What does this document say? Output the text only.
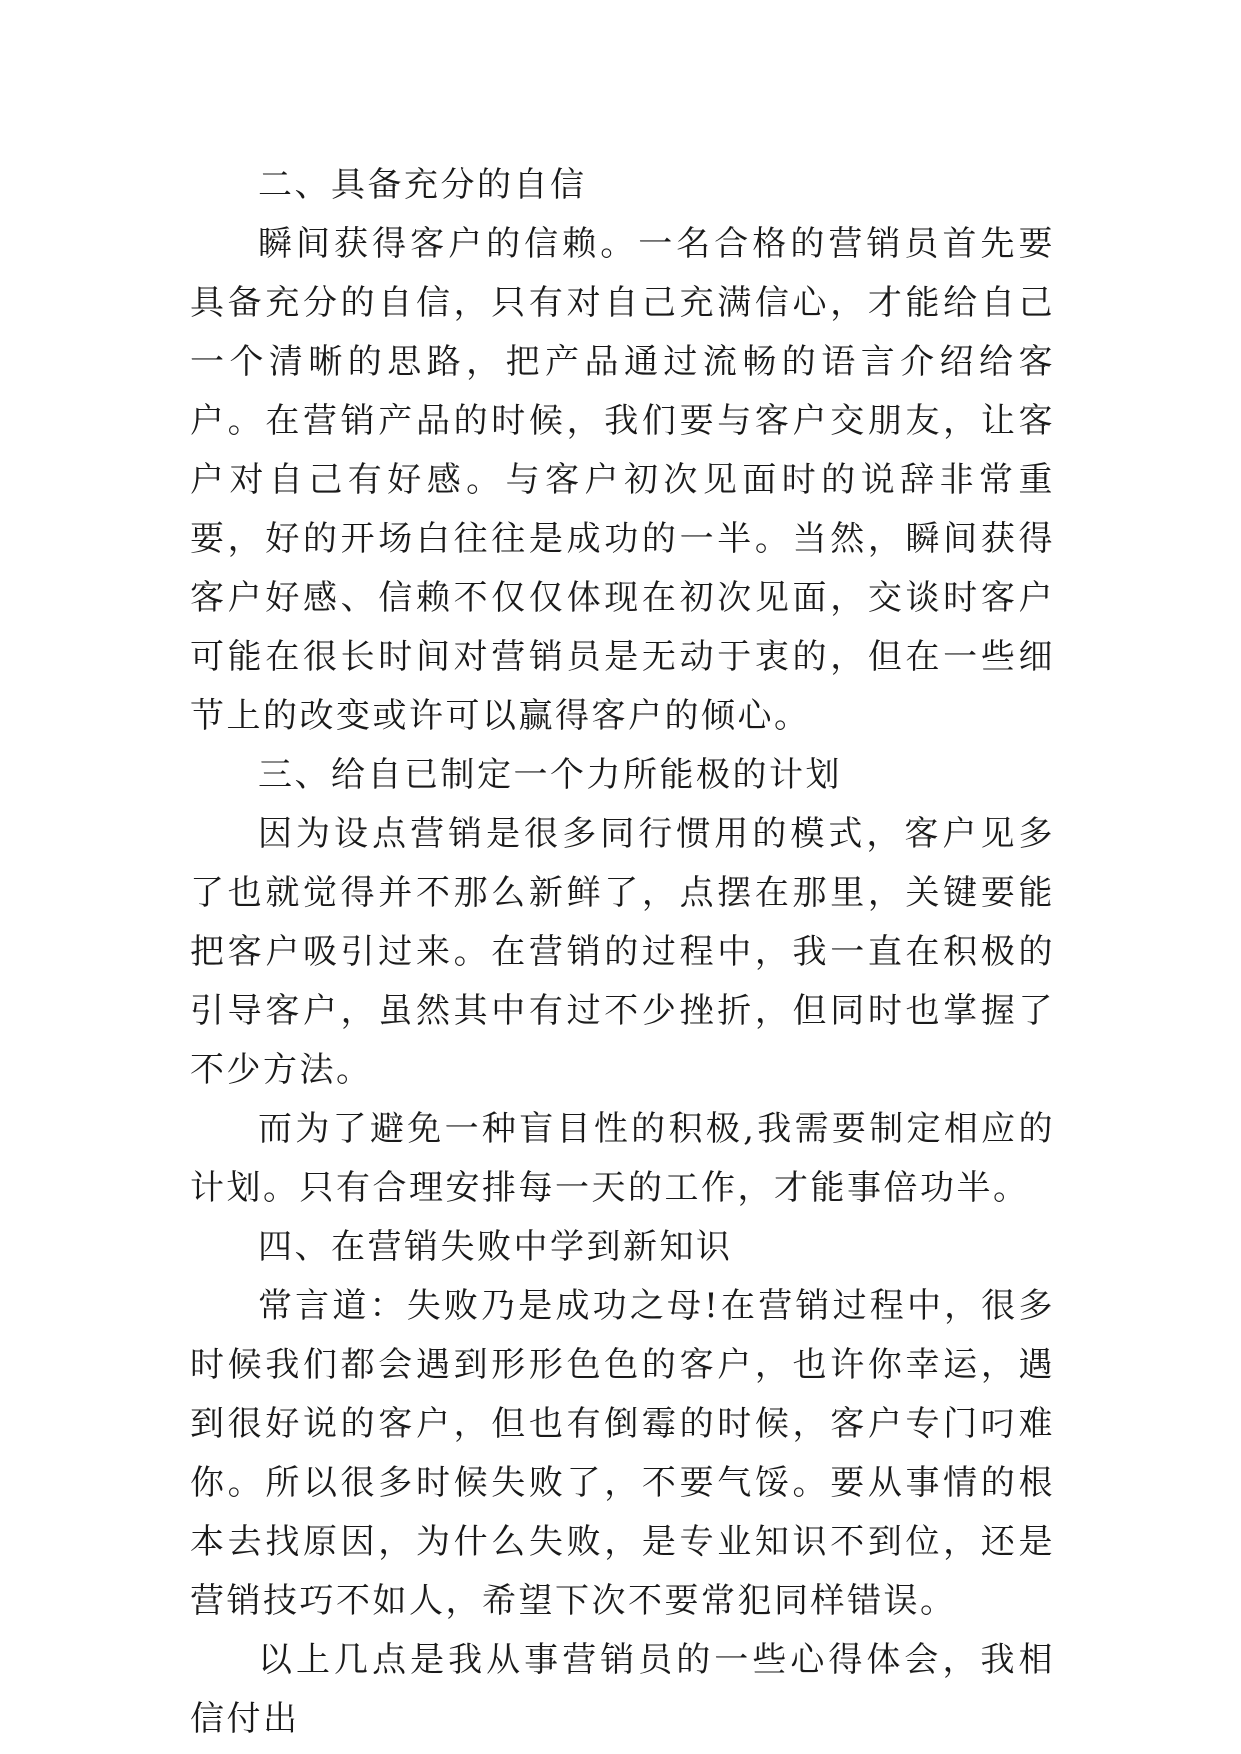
二、具备充分的自信

瞬间获得客户的信赖。一名合格的营销员首先要具备充分的自信，只有对自己充满信心，才能给自己一个清晰的思路，把产品通过流畅的语言介绍给客户。在营销产品的时候，我们要与客户交朋友，让客户对自己有好感。与客户初次见面时的说辞非常重要，好的开场白往往是成功的一半。当然，瞬间获得客户好感、信赖不仅仅体现在初次见面，交谈时客户可能在很长时间对营销员是无动于衷的，但在一些细节上的改变或许可以赢得客户的倾心。

三、给自已制定一个力所能极的计划

因为设点营销是很多同行惯用的模式，客户见多了也就觉得并不那么新鲜了，点摆在那里，关键要能把客户吸引过来。在营销的过程中，我一直在积极的引导客户，虽然其中有过不少挫折，但同时也掌握了不少方法。

而为了避免一种盲目性的积极,我需要制定相应的计划。只有合理安排每一天的工作，才能事倍功半。

四、在营销失败中学到新知识

常言道：失败乃是成功之母!在营销过程中，很多时候我们都会遇到形形色色的客户，也许你幸运，遇到很好说的客户，但也有倒霉的时候，客户专门叼难你。所以很多时候失败了，不要气馁。要从事情的根本去找原因，为什么失败，是专业知识不到位，还是营销技巧不如人，希望下次不要常犯同样错误。

以上几点是我从事营销员的一些心得体会，我相信付出
